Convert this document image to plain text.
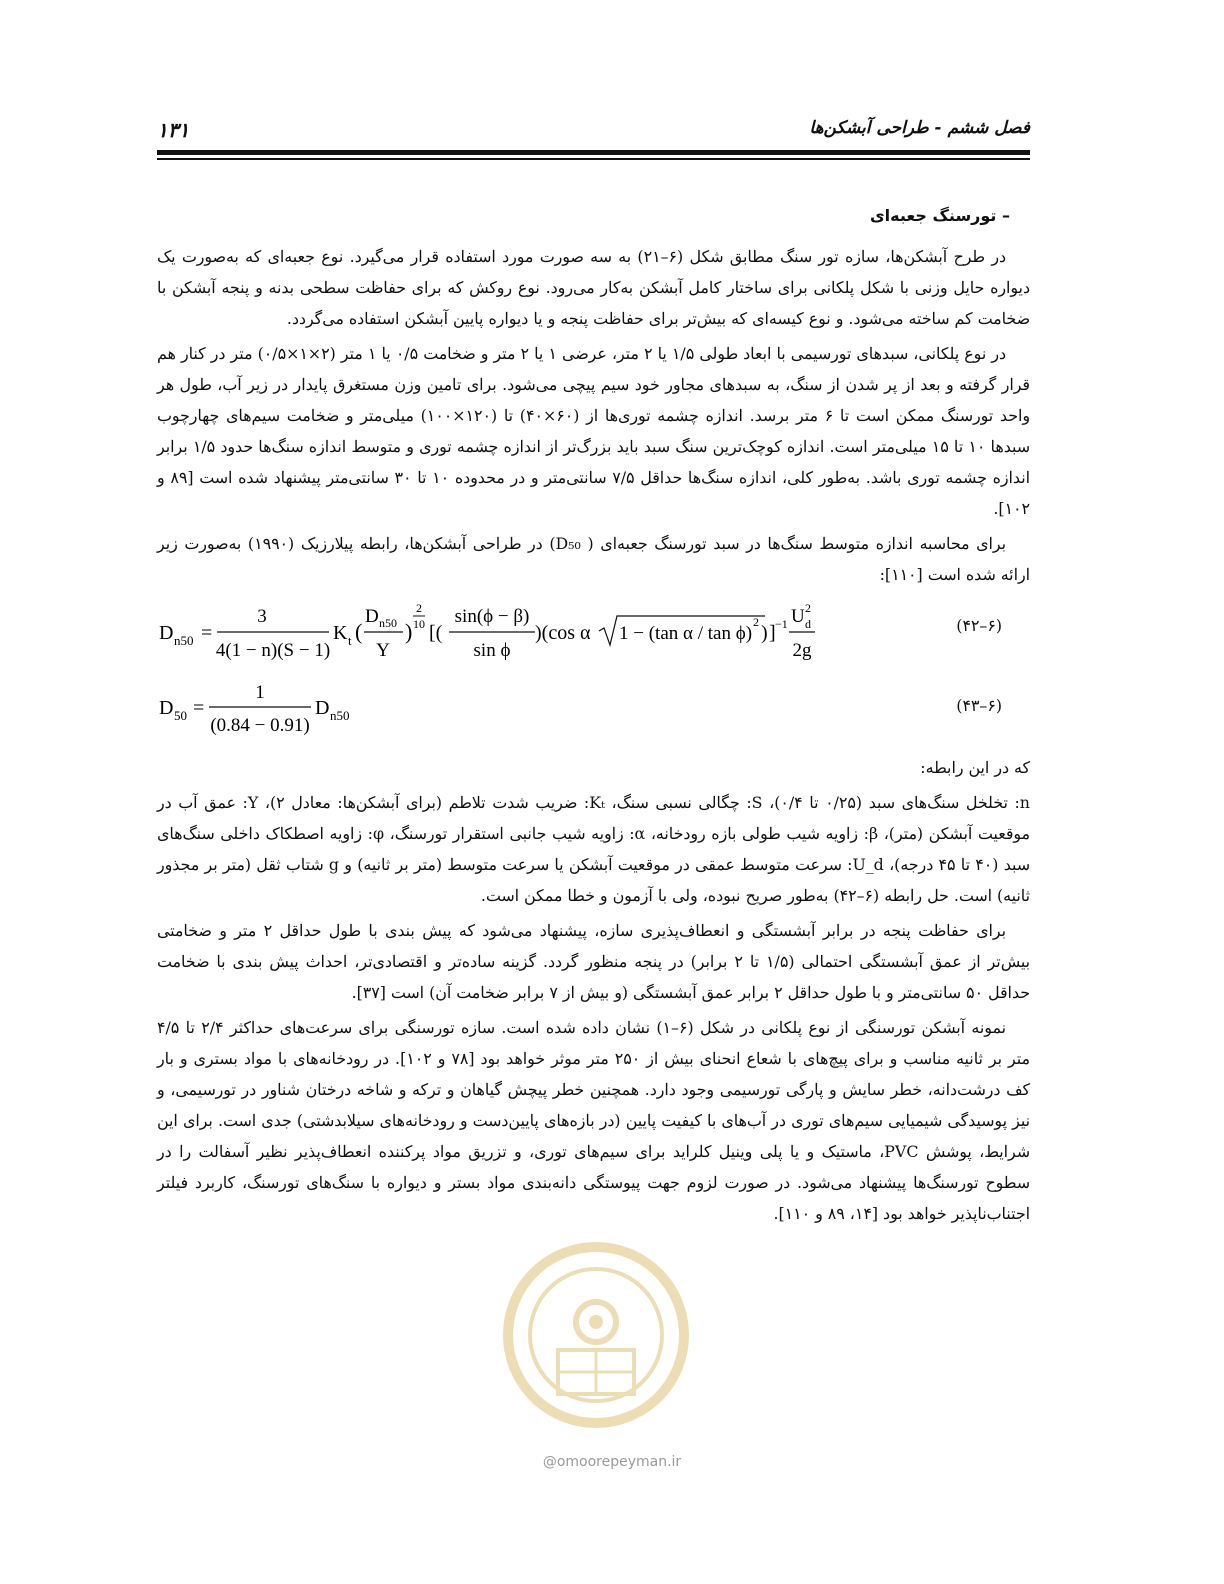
فصل ششم - طراحی آبشکن‌ها
۱۳۱
– تورسنگ جعبه‌ای

در طرح آبشکن‌ها، سازه تور سنگ مطابق شکل (۶–۲۱) به سه صورت مورد استفاده قرار می‌گیرد. نوع جعبه‌ای که به‌صورت یک دیواره حایل وزنی با شکل پلکانی برای ساختار کامل آبشکن به‌کار می‌رود. نوع روکش که برای حفاظت سطحی بدنه و پنجه آبشکن با ضخامت کم ساخته می‌شود. و نوع کیسه‌ای که بیش‌تر برای حفاظت پنجه و یا دیواره پایین آبشکن استفاده می‌گردد.

در نوع پلکانی، سبدهای تورسیمی با ابعاد طولی ۱/۵ یا ۲ متر، عرضی ۱ یا ۲ متر و ضخامت ۰/۵ یا ۱ متر (۲×۱×۰/۵) متر در کنار هم قرار گرفته و بعد از پر شدن از سنگ، به سبدهای مجاور خود سیم پیچی می‌شود. برای تامین وزن مستغرق پایدار در زیر آب، طول هر واحد تورسنگ ممکن است تا ۶ متر برسد. اندازه چشمه توری‌ها از (۶۰×۴۰) تا (۱۲۰×۱۰۰) میلی‌متر و ضخامت سیم‌های چهارچوب سبدها ۱۰ تا ۱۵ میلی‌متر است. اندازه کوچک‌ترین سنگ سبد باید بزرگ‌تر از اندازه چشمه توری و متوسط اندازه سنگ‌ها حدود ۱/۵ برابر اندازه چشمه توری باشد. به‌طور کلی، اندازه سنگ‌ها حداقل ۷/۵ سانتی‌متر و در محدوده ۱۰ تا ۳۰ سانتی‌متر پیشنهاد شده است [۸۹ و ۱۰۲].

برای محاسبه اندازه متوسط سنگ‌ها در سبد تورسنگ جعبه‌ای ( D₅₀) در طراحی آبشکن‌ها، رابطه پیلارزیک (۱۹۹۰) به‌صورت زیر ارائه شده است [۱۱۰]:

D n50 =
3
4(1 − n)(S − 1)
K t (
D n50
Y
)
2
10 [(
sin(ϕ − β)
sin ϕ
)(cos α 1 − (tan α / tan ϕ)
2 ) ] −1 U 2
d
2g
(۶–۴۲)
D 50 =
1
(0.84 − 0.91)
D n50
(۶–۴۳)

که در این رابطه:

n: تخلخل سنگ‌های سبد (۰/۲۵ تا ۰/۴)، S: چگالی نسبی سنگ، Kₜ: ضریب شدت تلاطم (برای آبشکن‌ها: معادل ۲)، Y: عمق آب در موقعیت آبشکن (متر)، β: زاویه شیب طولی بازه رودخانه، α: زاویه شیب جانبی استقرار تورسنگ، φ: زاویه اصطکاک داخلی سنگ‌های سبد (۴۰ تا ۴۵ درجه)، U_d: سرعت متوسط عمقی در موقعیت آبشکن یا سرعت متوسط (متر بر ثانیه) و g شتاب ثقل (متر بر مجذور ثانیه) است. حل رابطه (۶–۴۲) به‌طور صریح نبوده، ولی با آزمون و خطا ممکن است.

برای حفاظت پنجه در برابر آبشستگی و انعطاف‌پذیری سازه، پیشنهاد می‌شود که پیش بندی با طول حداقل ۲ متر و ضخامتی بیش‌تر از عمق آبشستگی احتمالی (۱/۵ تا ۲ برابر) در پنجه منظور گردد. گزینه ساده‌تر و اقتصادی‌تر، احداث پیش بندی با ضخامت حداقل ۵۰ سانتی‌متر و با طول حداقل ۲ برابر عمق آبشستگی (و بیش از ۷ برابر ضخامت آن) است [۳۷].

نمونه آبشکن تورسنگی از نوع پلکانی در شکل (۶–۱) نشان داده شده است. سازه تورسنگی برای سرعت‌های حداکثر ۲/۴ تا ۴/۵ متر بر ثانیه مناسب و برای پیچ‌های با شعاع انحنای بیش از ۲۵۰ متر موثر خواهد بود [۷۸ و ۱۰۲]. در رودخانه‌های با مواد بستری و بار کف درشت‌دانه، خطر سایش و پارگی تورسیمی وجود دارد. همچنین خطر پیچش گیاهان و ترکه و شاخه درختان شناور در تورسیمی، و نیز پوسیدگی شیمیایی سیم‌های توری در آب‌های با کیفیت پایین (در بازه‌های پایین‌دست و رودخانه‌های سیلابدشتی) جدی است. برای این شرایط، پوشش PVC، ماستیک و یا پلی وینیل کلراید برای سیم‌های توری، و تزریق مواد پرکننده انعطاف‌پذیر نظیر آسفالت را در سطوح تورسنگ‌ها پیشنهاد می‌شود. در صورت لزوم جهت پیوستگی دانه‌بندی مواد بستر و دیواره با سنگ‌های تورسنگ، کاربرد فیلتر اجتناب‌ناپذیر خواهد بود [۱۴، ۸۹ و ۱۱۰].

@omoorepeyman.ir
